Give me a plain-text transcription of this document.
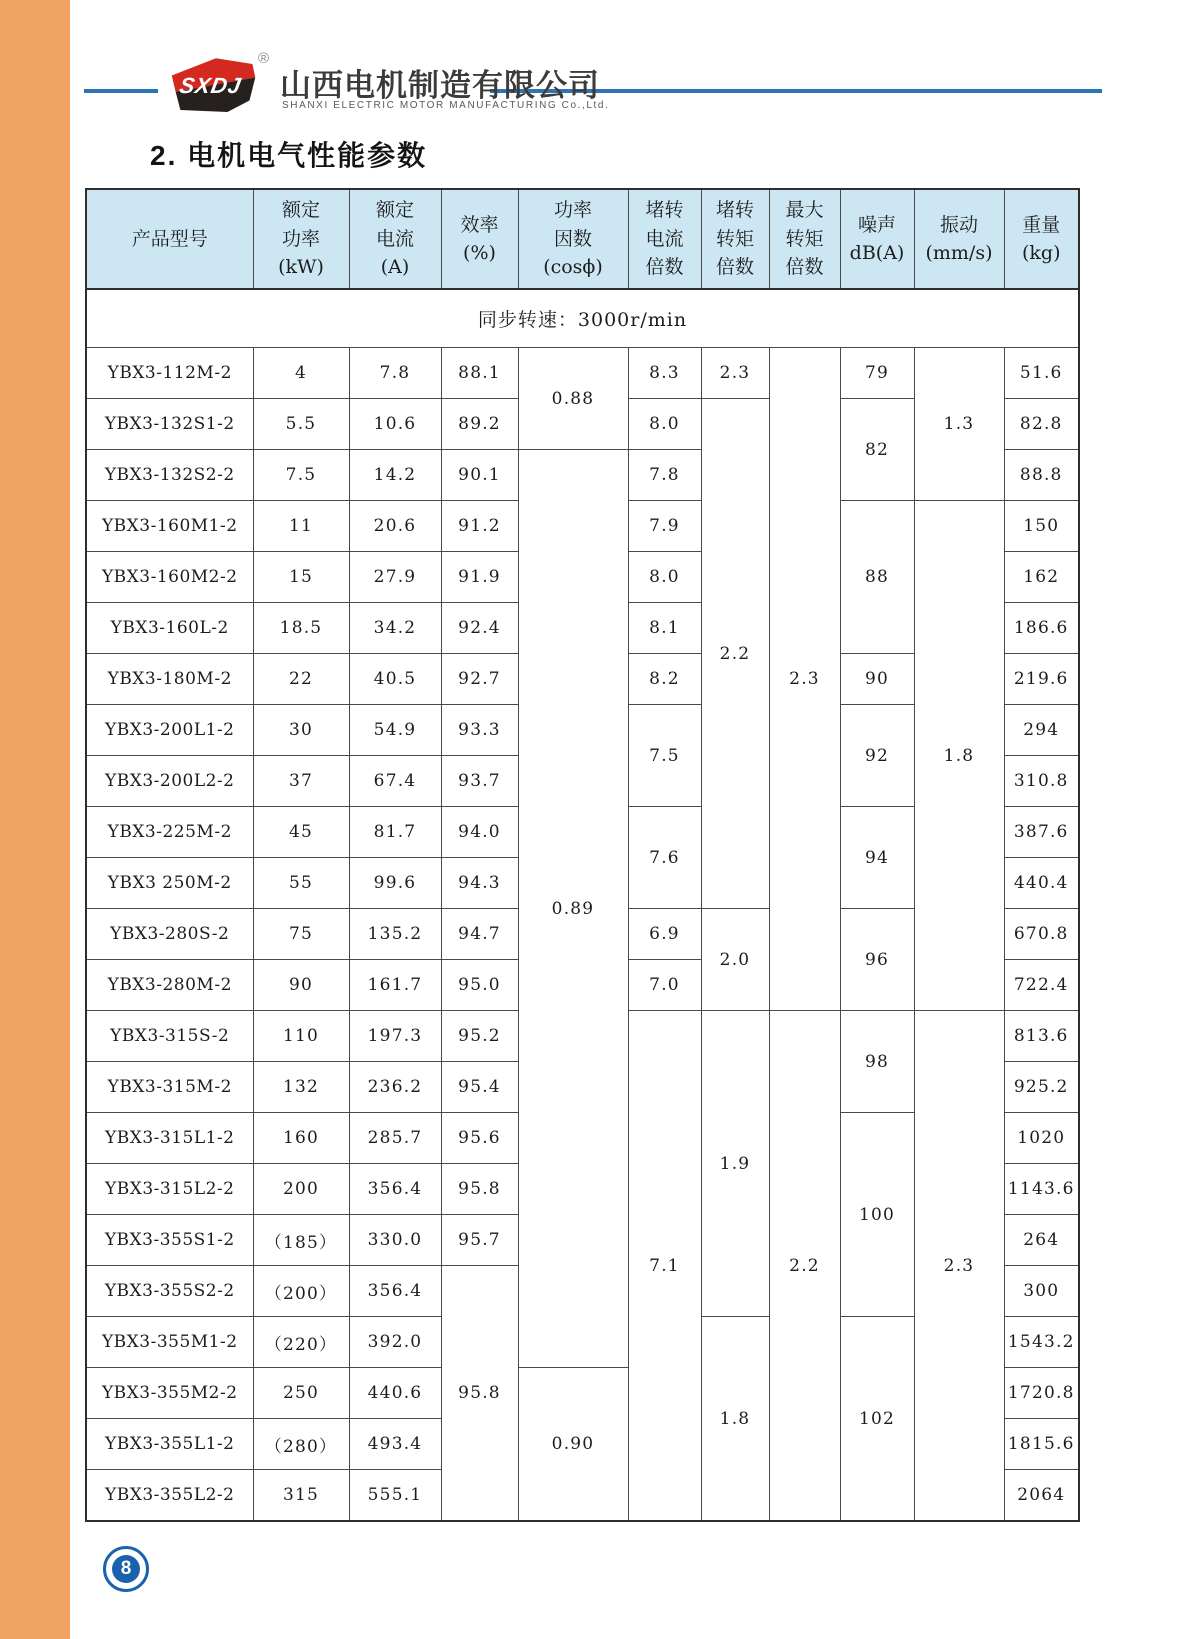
SXDJ
®
山西电机制造有限公司
SHANXI ELECTRIC MOTOR MANUFACTURING Co.,Ltd.
2. 电机电气性能参数
产品型号	额定
功率
(kW)	额定
电流
(A)	效率
(%)	功率
因数
(cosϕ)	堵转
电流
倍数	堵转
转矩
倍数	最大
转矩
倍数	噪声
dB(A)	振动
(mm/s)	重量
(kg)
同步转速：3000r/min										
YBX3-112M-2	4	7.8	88.1	0.88	8.3	2.3	2.3	79	1.3	51.6
YBX3-132S1-2	5.5	10.6	89.2		8.0	2.2		82		82.8
YBX3-132S2-2	7.5	14.2	90.1	0.89	7.8					88.8
YBX3-160M1-2	11	20.6	91.2		7.9			88	1.8	150
YBX3-160M2-2	15	27.9	91.9		8.0					162
YBX3-160L-2	18.5	34.2	92.4		8.1					186.6
YBX3-180M-2	22	40.5	92.7		8.2			90		219.6
YBX3-200L1-2	30	54.9	93.3		7.5			92		294
YBX3-200L2-2	37	67.4	93.7							310.8
YBX3-225M-2	45	81.7	94.0		7.6			94		387.6
YBX3 250M-2	55	99.6	94.3							440.4
YBX3-280S-2	75	135.2	94.7		6.9	2.0		96		670.8
YBX3-280M-2	90	161.7	95.0		7.0					722.4
YBX3-315S-2	110	197.3	95.2		7.1	1.9	2.2	98	2.3	813.6
YBX3-315M-2	132	236.2	95.4							925.2
YBX3-315L1-2	160	285.7	95.6					100		1020
YBX3-315L2-2	200	356.4	95.8							1143.6
YBX3-355S1-2	（185）	330.0	95.7							264
YBX3-355S2-2	（200）	356.4	95.8							300
YBX3-355M1-2	（220）	392.0				1.8		102		1543.2
YBX3-355M2-2	250	440.6		0.90						1720.8
YBX3-355L1-2	（280）	493.4								1815.6
YBX3-355L2-2	315	555.1								2064
8
